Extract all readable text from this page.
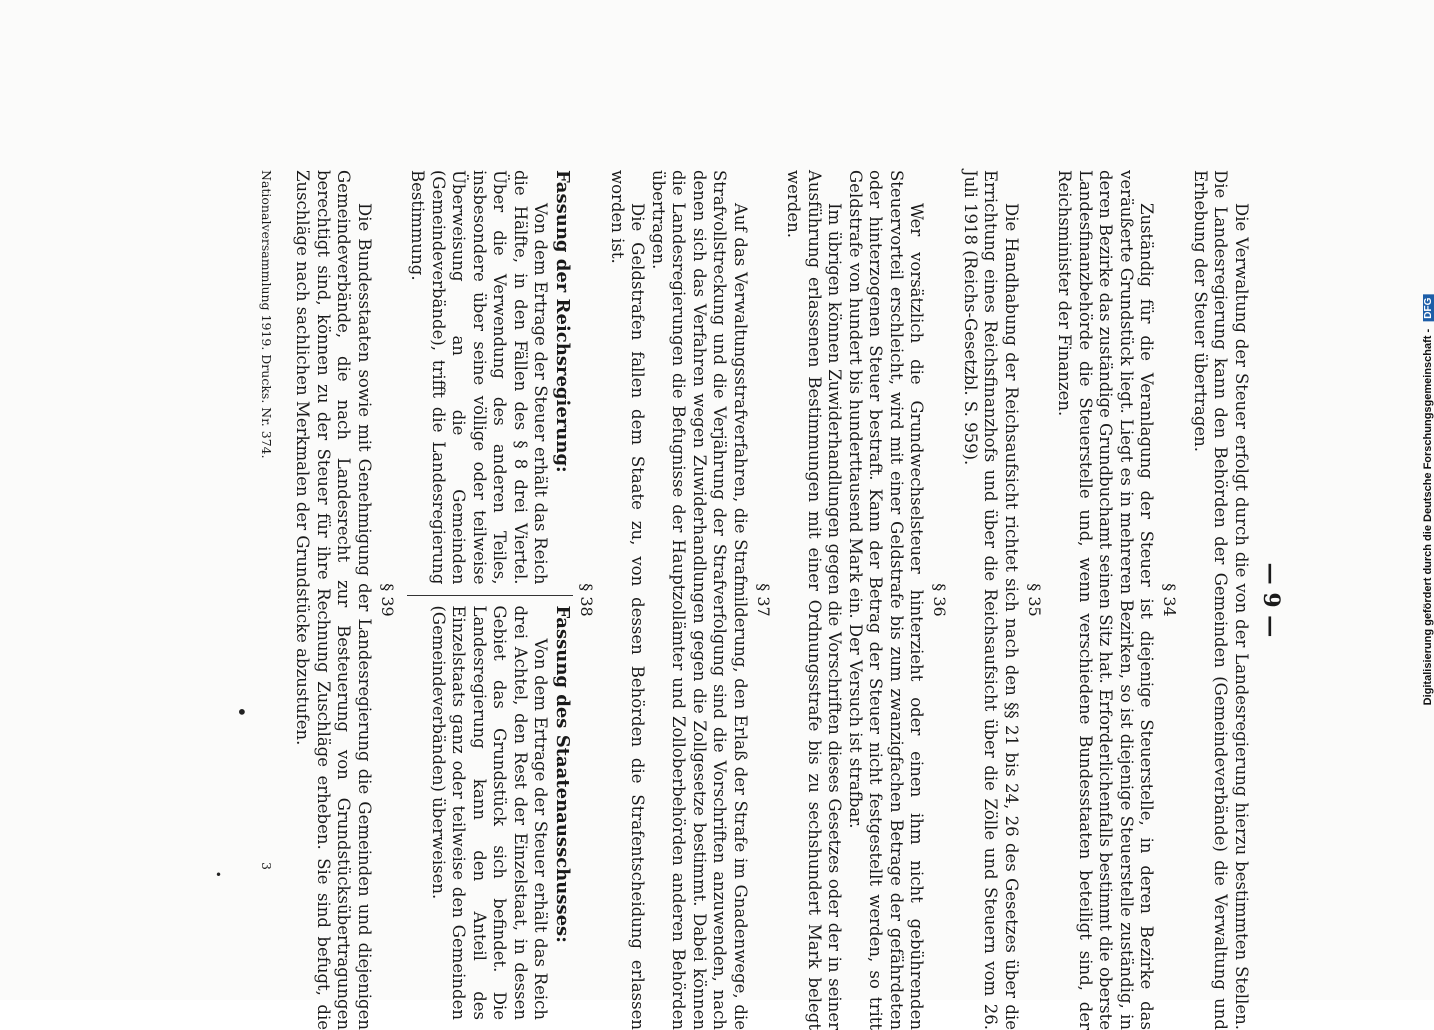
— 9 —

Die Verwaltung der Steuer erfolgt durch die von der Landesregierung hierzu bestimmten Stellen. Die Landesregierung kann den Behörden der Gemeinden (Gemeindeverbände) die Verwaltung und Erhebung der Steuer übertragen.

§ 34

Zuständig für die Veranlagung der Steuer ist diejenige Steuerstelle, in deren Bezirke das veräußerte Grundstück liegt. Liegt es in mehreren Bezirken, so ist diejenige Steuerstelle zuständig, in deren Bezirke das zuständige Grundbuchamt seinen Sitz hat. Erforderlichenfalls bestimmt die oberste Landesfinanzbehörde die Steuerstelle und, wenn verschiedene Bundesstaaten beteiligt sind, der Reichsminister der Finanzen.

§ 35

Die Handhabung der Reichsaufsicht richtet sich nach den §§ 21 bis 24, 26 des Gesetzes über die Errichtung eines Reichsfinanzhofs und über die Reichsaufsicht über die Zölle und Steuern vom 26. Juli 1918 (Reichs-Gesetzbl. S. 959).

§ 36

Wer vorsätzlich die Grundwechselsteuer hinterzieht oder einen ihm nicht gebührenden Steuervorteil erschleicht, wird mit einer Geldstrafe bis zum zwanzigfachen Betrage der gefährdeten oder hinterzogenen Steuer bestraft. Kann der Betrag der Steuer nicht festgestellt werden, so tritt Geldstrafe von hundert bis hunderttausend Mark ein. Der Versuch ist strafbar.

Im übrigen können Zuwiderhandlungen gegen die Vorschriften dieses Gesetzes oder der in seiner Ausführung erlassenen Bestimmungen mit einer Ordnungsstrafe bis zu sechshundert Mark belegt werden.

§ 37

Auf das Verwaltungsstrafverfahren, die Strafmilderung, den Erlaß der Strafe im Gnadenwege, die Strafvollstreckung und die Verjährung der Strafverfolgung sind die Vorschriften anzuwenden, nach denen sich das Verfahren wegen Zuwiderhandlungen gegen die Zollgesetze bestimmt. Dabei können die Landesregierungen die Befugnisse der Hauptzollämter und Zolloberbehörden anderen Behörden übertragen.

Die Geldstrafen fallen dem Staate zu, von dessen Behörden die Strafentscheidung erlassen worden ist.

§ 38
Fassung der Reichsregierung:

Von dem Ertrage der Steuer erhält das Reich die Hälfte, in den Fällen des § 8 drei Viertel. Über die Verwendung des anderen Teiles, insbesondere über seine völlige oder teilweise Überweisung an die Gemeinden (Gemeindeverbände), trifft die Landesregierung Bestimmung.

Fassung des Staatenausschusses:

Von dem Ertrage der Steuer erhält das Reich drei Achtel, den Rest der Einzelstaat, in dessen Gebiet das Grundstück sich befindet. Die Landesregierung kann den Anteil des Einzelstaats ganz oder teilweise den Gemeinden (Gemeindeverbänden) überweisen.

§ 39

Die Bundesstaaten sowie mit Genehmigung der Landesregierung die Gemeinden und diejenigen Gemeindeverbände, die nach Landesrecht zur Besteuerung von Grundstücksübertragungen berechtigt sind, können zu der Steuer für ihre Rechnung Zuschläge erheben. Sie sind befugt, die Zuschläge nach sachlichen Merkmalen der Grundstücke abzustufen.

Nationalversammlung 1919. Drucks. Nr. 374.
3
•
•
Digitalisierung gefördert durch die Deutsche Forschungsgemeinschaft - DFG
